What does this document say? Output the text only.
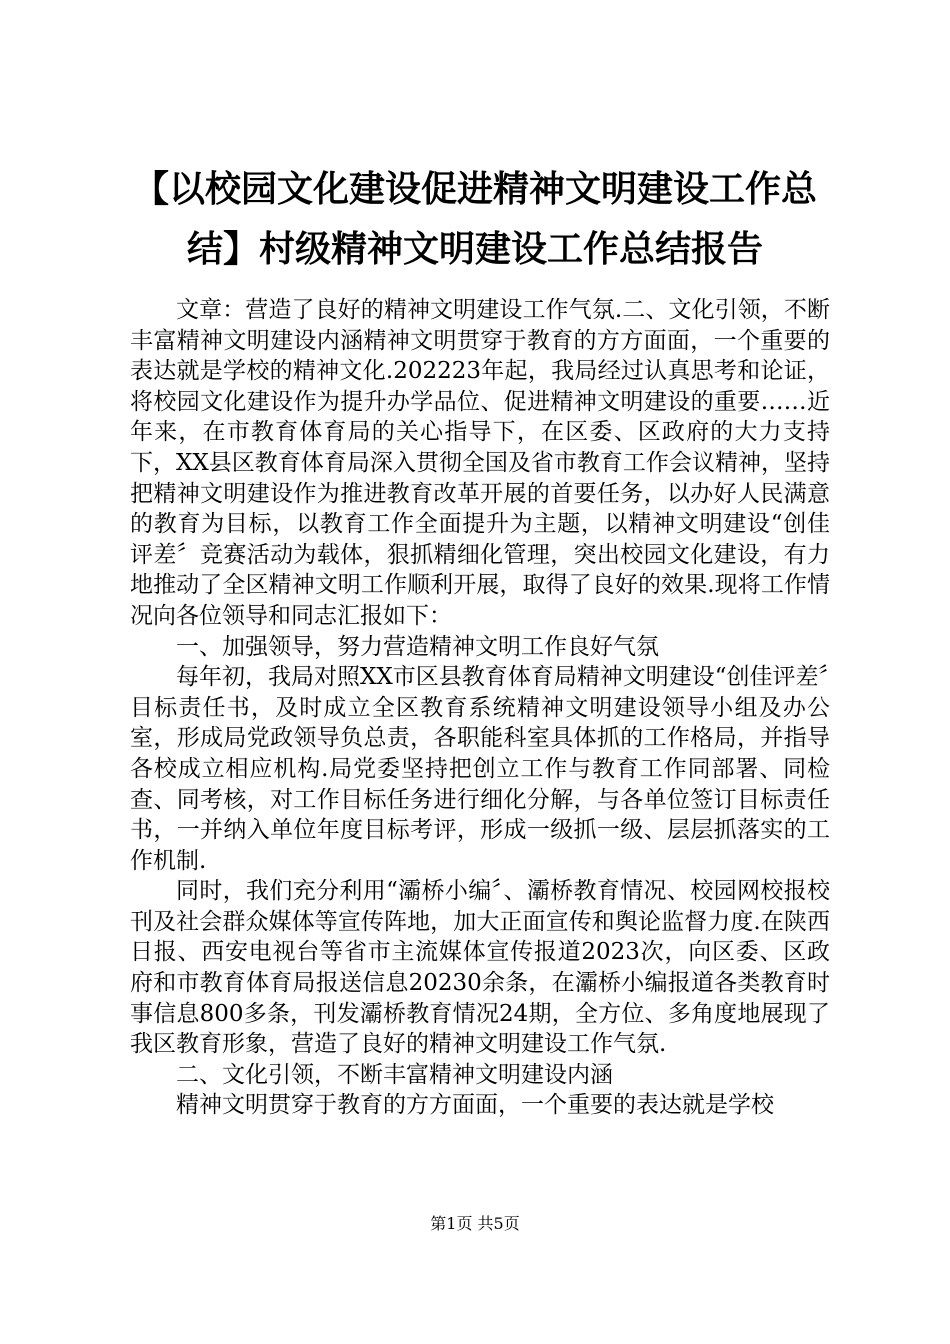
【以校园文化建设促进精神文明建设工作总结】村级精神文明建设工作总结报告

文章：营造了良好的精神文明建设工作气氛.二、文化引领，不断丰富精神文明建设内涵精神文明贯穿于教育的方方面面，一个重要的表达就是学校的精神文化.202223年起，我局经过认真思考和论证，将校园文化建设作为提升办学品位、促进精神文明建设的重要……近年来，在市教育体育局的关心指导下，在区委、区政府的大力支持下，XX县区教育体育局深入贯彻全国及省市教育工作会议精神，坚持把精神文明建设作为推进教育改革开展的首要任务，以办好人民满意的教育为目标，以教育工作全面提升为主题，以精神文明建设“创佳评差〞竞赛活动为载体，狠抓精细化管理，突出校园文化建设，有力地推动了全区精神文明工作顺利开展，取得了良好的效果.现将工作情况向各位领导和同志汇报如下：

一、加强领导，努力营造精神文明工作良好气氛

每年初，我局对照XX市区县教育体育局精神文明建设“创佳评差〞目标责任书，及时成立全区教育系统精神文明建设领导小组及办公室，形成局党政领导负总责，各职能科室具体抓的工作格局，并指导各校成立相应机构.局党委坚持把创立工作与教育工作同部署、同检查、同考核，对工作目标任务进行细化分解，与各单位签订目标责任书，一并纳入单位年度目标考评，形成一级抓一级、层层抓落实的工作机制.

同时，我们充分利用“灞桥小编〞、灞桥教育情况、校园网校报校刊及社会群众媒体等宣传阵地，加大正面宣传和舆论监督力度.在陕西日报、西安电视台等省市主流媒体宣传报道2023次，向区委、区政府和市教育体育局报送信息20230余条，在灞桥小编报道各类教育时事信息800多条，刊发灞桥教育情况24期，全方位、多角度地展现了我区教育形象，营造了良好的精神文明建设工作气氛.

二、文化引领，不断丰富精神文明建设内涵

精神文明贯穿于教育的方方面面，一个重要的表达就是学校

第1页 共5页
